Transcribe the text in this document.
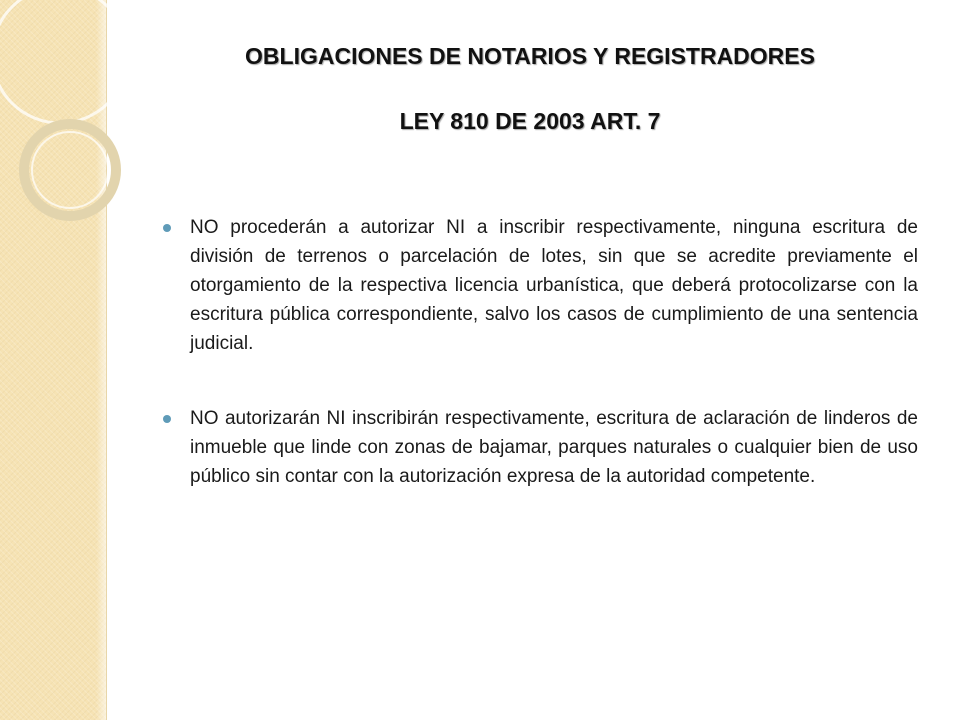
OBLIGACIONES DE NOTARIOS Y REGISTRADORES
LEY 810 DE 2003 ART. 7
NO procederán a autorizar NI a inscribir respectivamente, ninguna escritura de división de terrenos o parcelación de lotes, sin que se acredite previamente el otorgamiento de la respectiva licencia urbanística, que deberá protocolizarse con la escritura pública correspondiente, salvo los casos de cumplimiento de una sentencia judicial.
NO autorizarán NI inscribirán respectivamente, escritura de aclaración de linderos de inmueble que linde con zonas de bajamar, parques naturales o cualquier bien de uso público sin contar con la autorización expresa de la autoridad competente.
